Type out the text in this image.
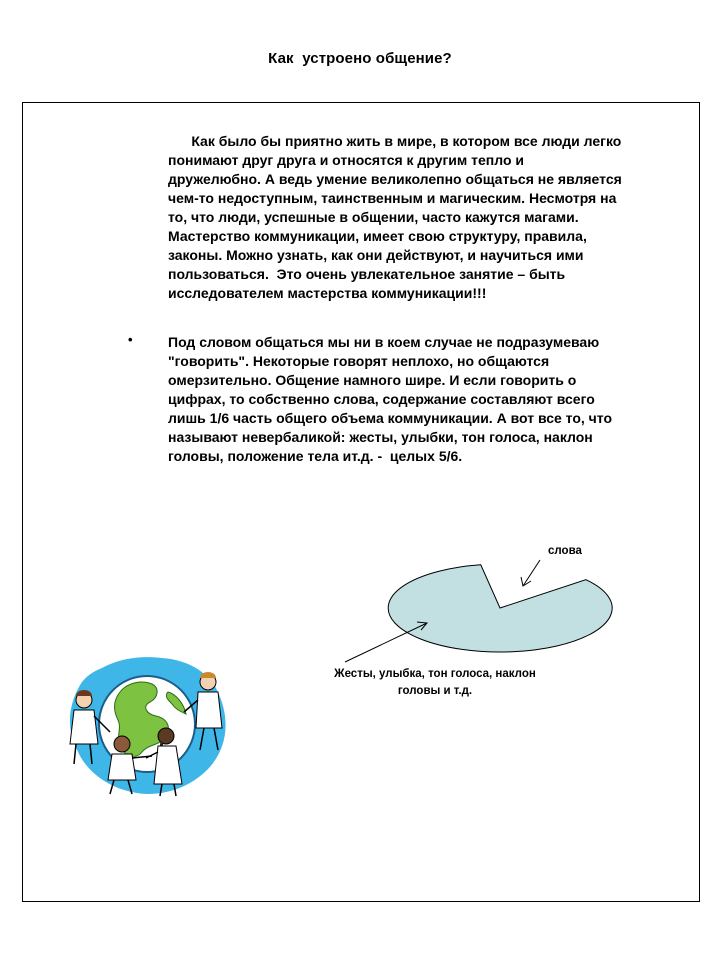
Как  устроено общение?
Как было бы приятно жить в мире, в котором все люди легко
понимают друг друга и относятся к другим тепло и
дружелюбно. А ведь умение великолепно общаться не является
чем-то недоступным, таинственным и магическим. Несмотря на
то, что люди, успешные в общении, часто кажутся магами.
Мастерство коммуникации, имеет свою структуру, правила,
законы. Можно узнать, как они действуют, и научиться ими
пользоваться.  Это очень увлекательное занятие – быть
исследователем мастерства коммуникации!!!
•	Под словом общаться мы ни в коем случае не подразумеваю
"говорить". Некоторые говорят неплохо, но общаются
омерзительно. Общение намного шире. И если говорить о
цифрах, то собственно слова, содержание составляют всего
лишь 1/6 часть общего объема коммуникации. А вот все то, что
называют невербаликой: жесты, улыбки, тон голоса, наклон
головы, положение тела ит.д. -  целых 5/6.
слова
Жесты, улыбка, тон голоса, наклон
головы и т.д.
